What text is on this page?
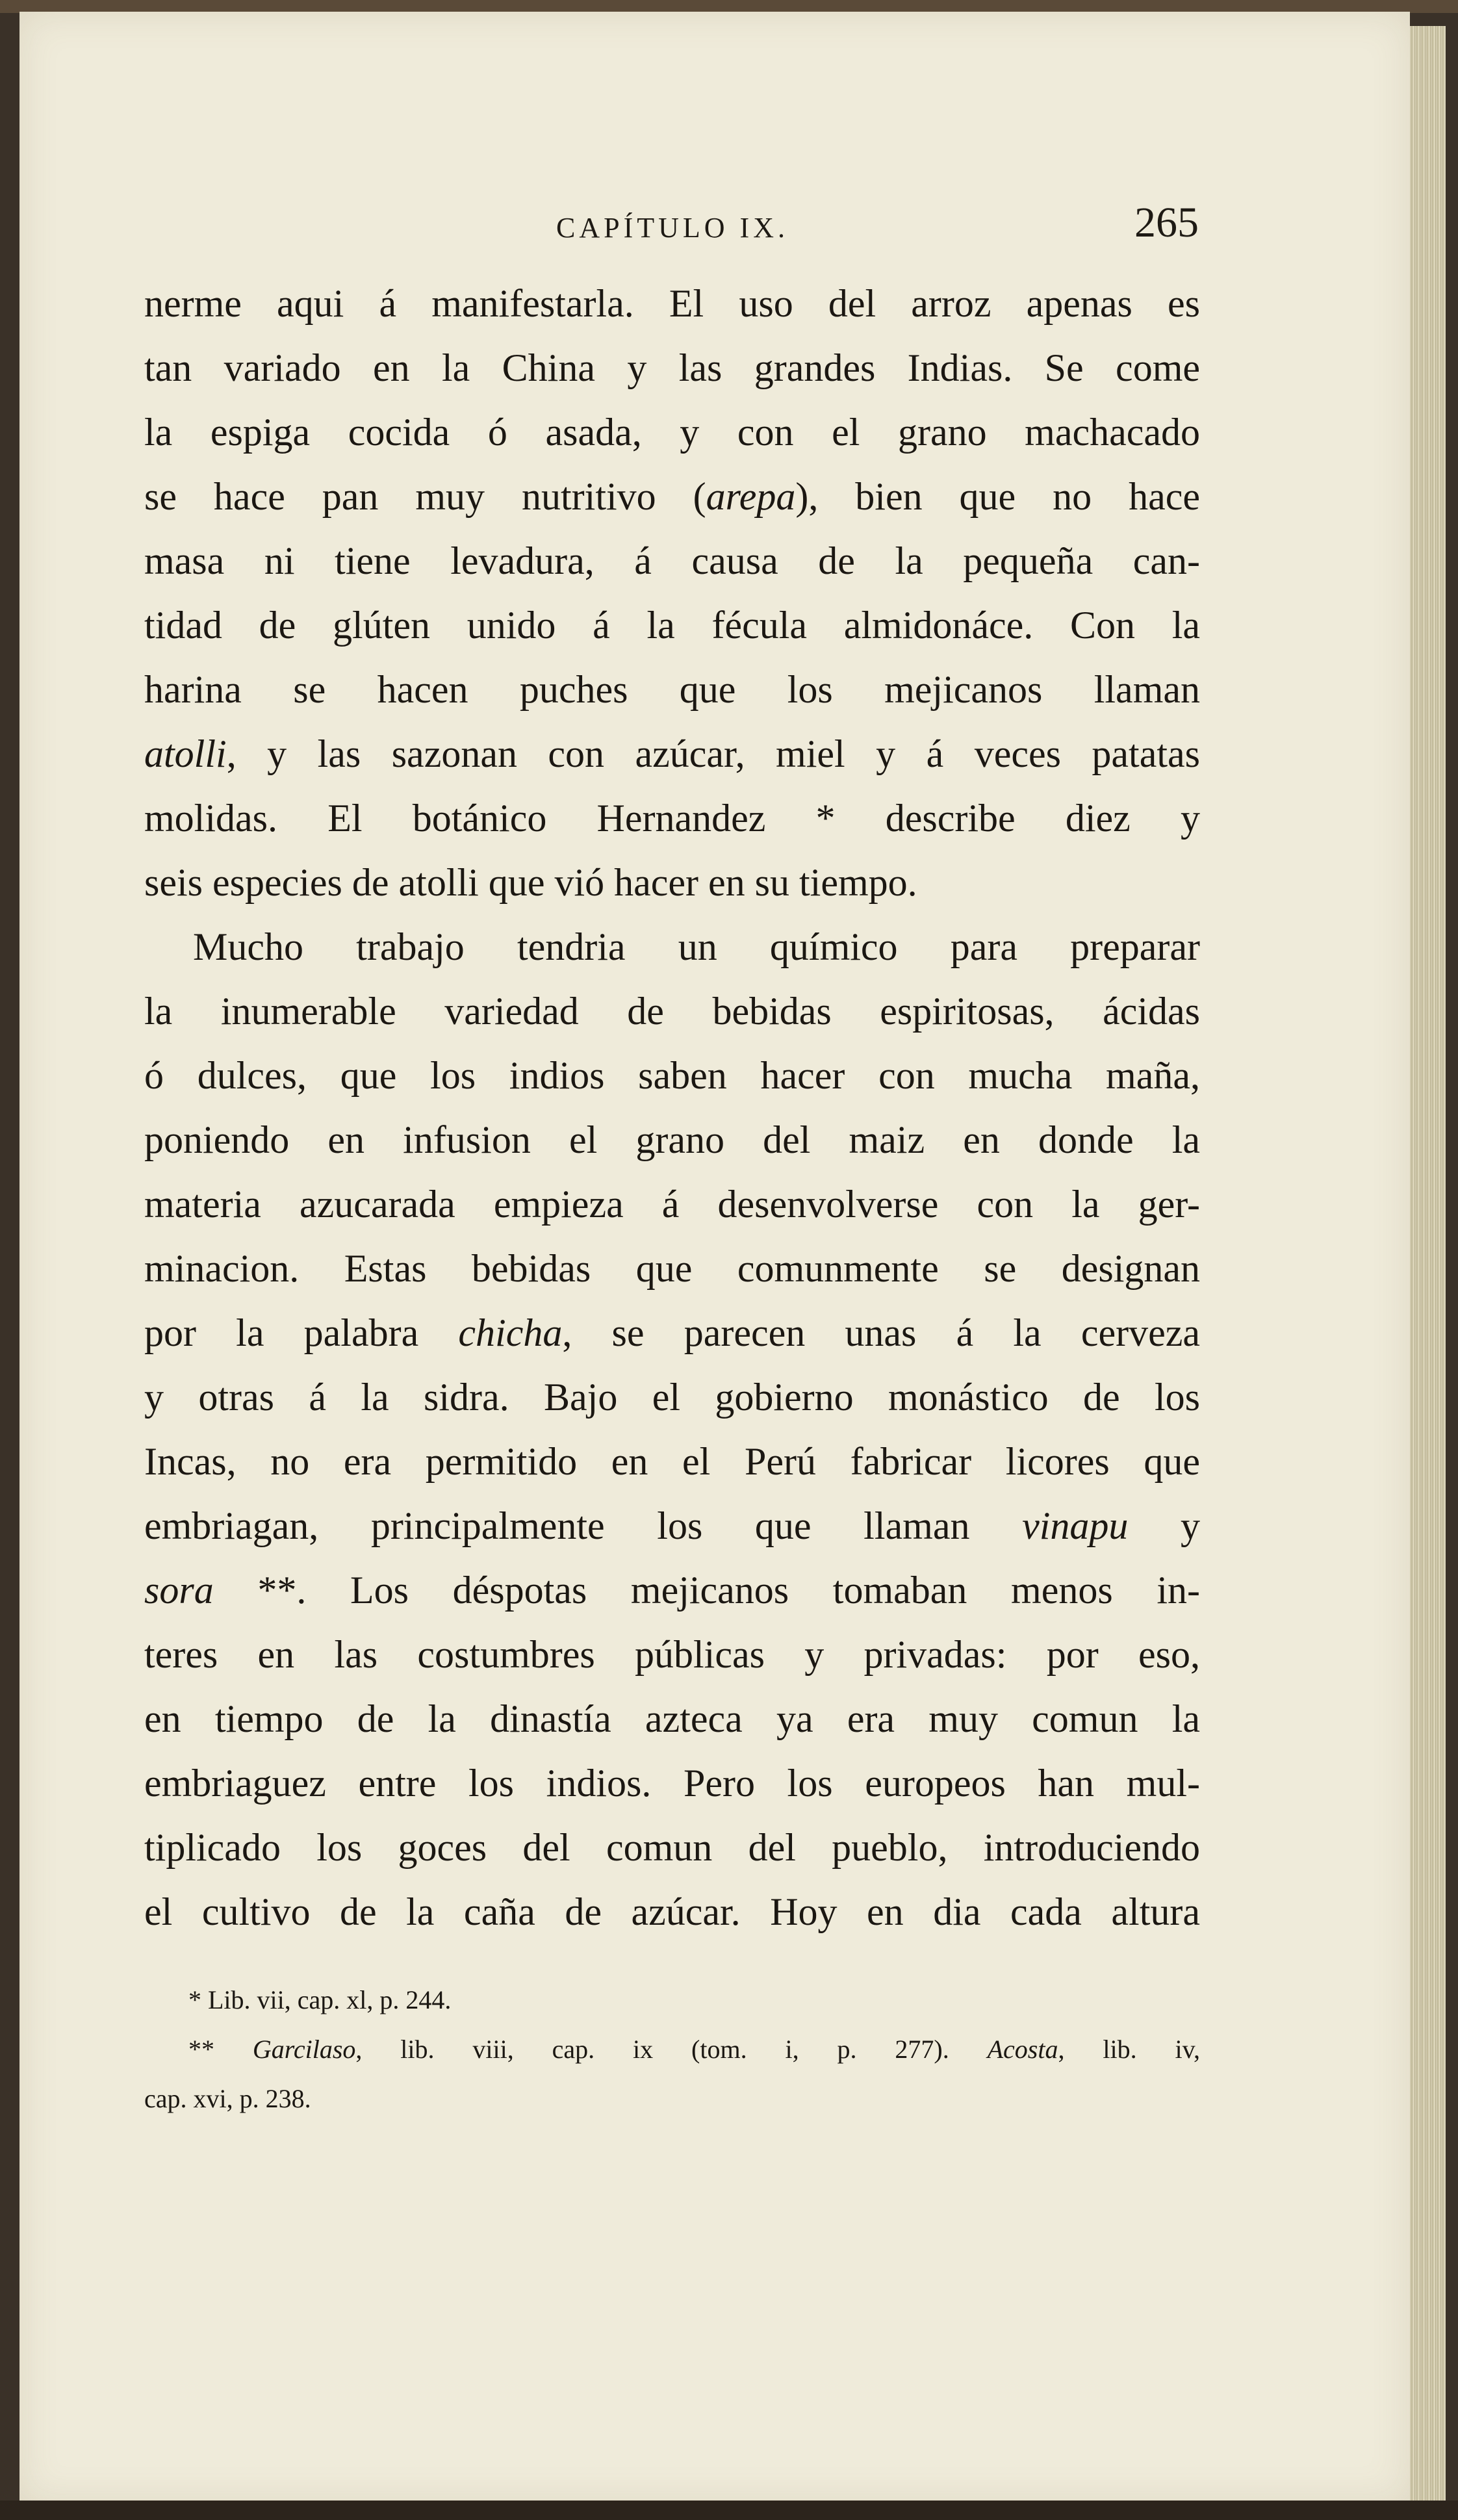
CAPÍTULO IX.	265
nerme aqui á manifestarla. El uso del arroz apenas es
tan variado en la China y las grandes Indias. Se come
la espiga cocida ó asada, y con el grano machacado
se hace pan muy nutritivo (arepa), bien que no hace
masa ni tiene levadura, á causa de la pequeña can-
tidad de glúten unido á la fécula almidonáce. Con la
harina se hacen puches que los mejicanos llaman
atolli, y las sazonan con azúcar, miel y á veces patatas
molidas. El botánico Hernandez * describe diez y
seis especies de atolli que vió hacer en su tiempo.
Mucho trabajo tendria un químico para preparar
la inumerable variedad de bebidas espiritosas, ácidas
ó dulces, que los indios saben hacer con mucha maña,
poniendo en infusion el grano del maiz en donde la
materia azucarada empieza á desenvolverse con la ger-
minacion. Estas bebidas que comunmente se designan
por la palabra chicha, se parecen unas á la cerveza
y otras á la sidra. Bajo el gobierno monástico de los
Incas, no era permitido en el Perú fabricar licores que
embriagan, principalmente los que llaman vinapu y
sora **. Los déspotas mejicanos tomaban menos in-
teres en las costumbres públicas y privadas: por eso,
en tiempo de la dinastía azteca ya era muy comun la
embriaguez entre los indios. Pero los europeos han mul-
tiplicado los goces del comun del pueblo, introduciendo
el cultivo de la caña de azúcar. Hoy en dia cada altura
* Lib. vii, cap. xl, p. 244.
** Garcilaso, lib. viii, cap. ix (tom. i, p. 277). Acosta, lib. iv,
cap. xvi, p. 238.
